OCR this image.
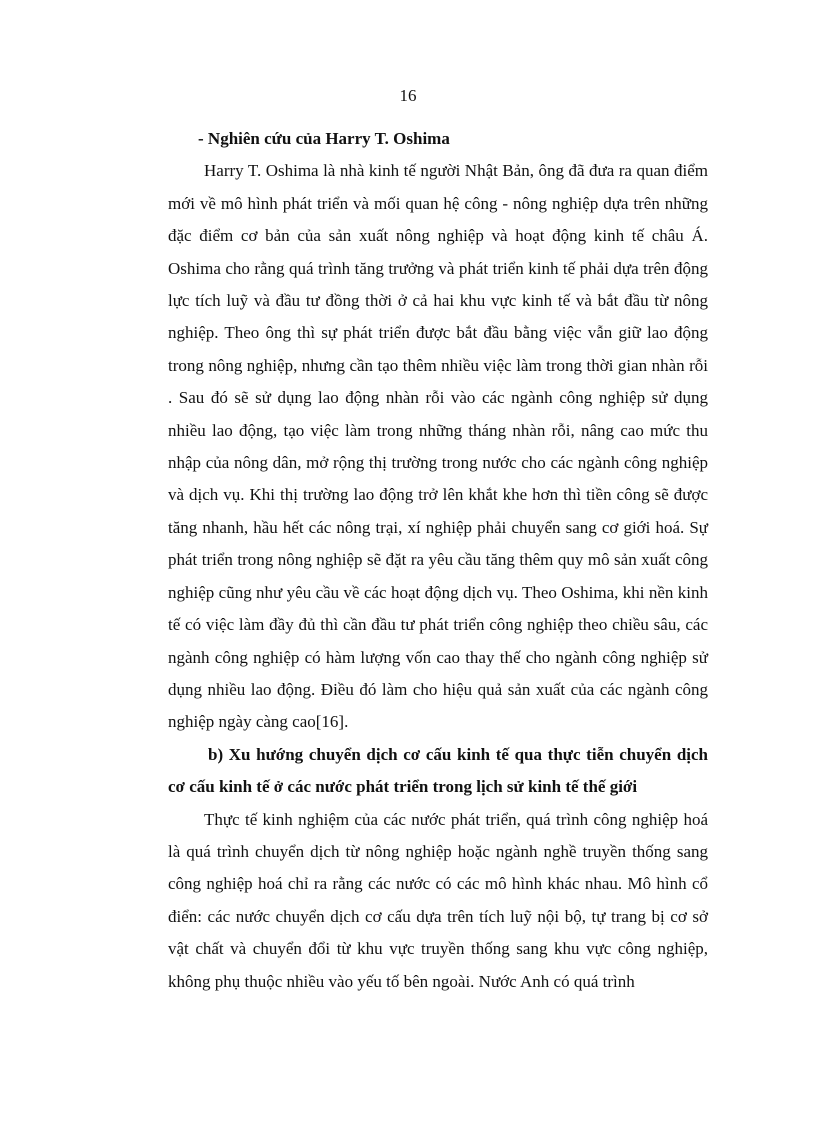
16

- Nghiên cứu của Harry T. Oshima

Harry T. Oshima là nhà kinh tế người Nhật Bản, ông đã đưa ra quan điểm mới về mô hình phát triển và mối quan hệ công - nông nghiệp dựa trên những đặc điểm cơ bản của sản xuất nông nghiệp và hoạt động kinh tế châu Á. Oshima cho rằng quá trình tăng trưởng và phát triển kinh tế phải dựa trên động lực tích luỹ và đầu tư đồng thời ở cả hai khu vực kinh tế và bắt đầu từ nông nghiệp. Theo ông thì sự phát triển được bắt đầu bằng việc vẫn giữ lao động trong nông nghiệp, nhưng cần tạo thêm nhiều việc làm trong thời gian nhàn rỗi . Sau đó sẽ sử dụng lao động nhàn rỗi vào các ngành công nghiệp sử dụng nhiều lao động, tạo việc làm trong những tháng nhàn rỗi, nâng cao mức thu nhập của nông dân, mở rộng thị trường trong nước cho các ngành công nghiệp và dịch vụ. Khi thị trường lao động trở lên khắt khe hơn thì tiền công sẽ được tăng nhanh, hầu hết các nông trại, xí nghiệp phải chuyển sang cơ giới hoá. Sự phát triển trong nông nghiệp sẽ đặt ra yêu cầu tăng thêm quy mô sản xuất công nghiệp cũng như yêu cầu về các hoạt động dịch vụ. Theo Oshima, khi nền kinh tế có việc làm đầy đủ thì cần đầu tư phát triển công nghiệp theo chiều sâu, các ngành công nghiệp có hàm lượng vốn cao thay thế cho ngành công nghiệp sử dụng nhiều lao động. Điều đó làm cho hiệu quả sản xuất của các ngành công nghiệp ngày càng cao[16].

b) Xu hướng chuyển dịch cơ cấu kinh tế qua thực tiễn chuyển dịch cơ cấu kinh tế ở các nước phát triển trong lịch sử kinh tế thế giới

Thực tế kinh nghiệm của các nước phát triển, quá trình công nghiệp hoá là quá trình chuyển dịch từ nông nghiệp hoặc ngành nghề truyền thống sang công nghiệp hoá chỉ ra rằng các nước có các mô hình khác nhau. Mô hình cổ điển: các nước chuyển dịch cơ cấu dựa trên tích luỹ nội bộ, tự trang bị cơ sở vật chất và chuyển đổi từ khu vực truyền thống sang khu vực công nghiệp, không phụ thuộc nhiều vào yếu tố bên ngoài. Nước Anh có quá trình
